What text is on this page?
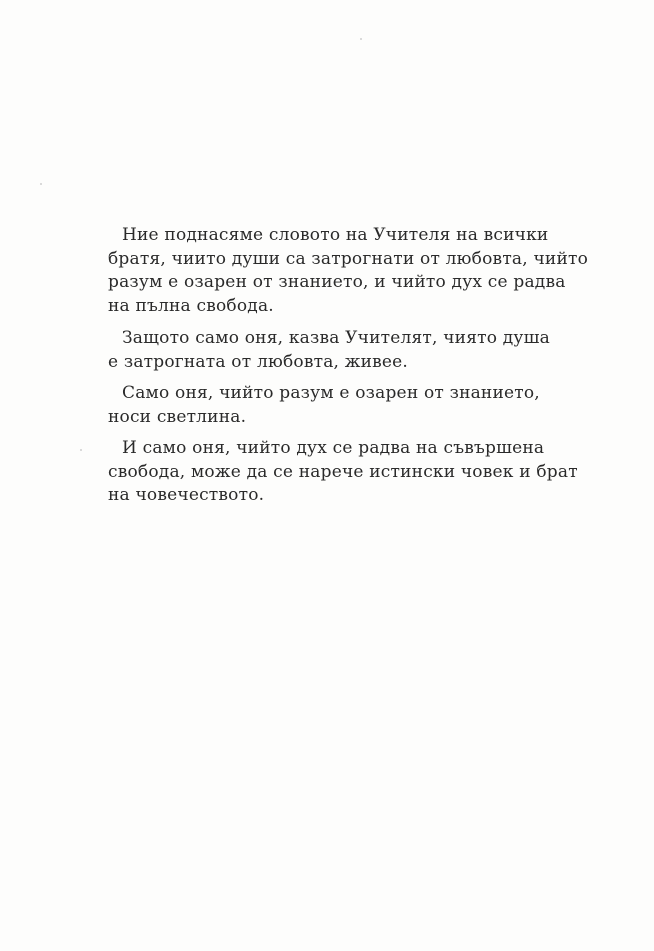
Ние поднасяме словото на Учителя на всички
братя, чиито души са затрогнати от любовта, чийто
разум е озарен от знанието, и чийто дух се радва
на пълна свобода.
Защото само оня, казва Учителят, чиято душа
е затрогната от любовта, живее.
Само оня, чийто разум е озарен от знанието,
носи светлина.
И само оня, чийто дух се радва на съвършена
свобода, може да се нарече истински човек и брат
на човечеството.
